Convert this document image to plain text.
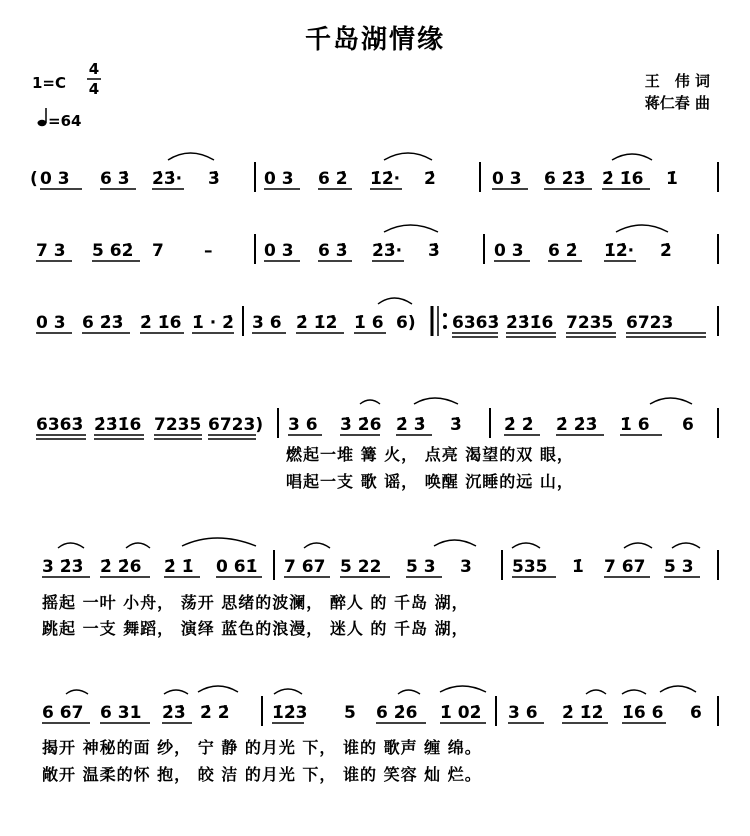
千岛湖情缘
1=C
4
4
=64
王　伟 词
蒋仁春 曲
( 0 3 6 3̇ 2̇3̇· 3̇	0 3 6 2̇ 1̇2̇· 2̇	0 3 6 2̇3̇ 2̇ 1̇6 1̇
7 3 5 62̇ 7 –	0 3 6 3̇ 2̇3̇· 3̇	0 3 6 2̇ 1̇2̇· 2̇
0 3 6 2̇3̇ 2̇ 1̇6 1̇ · 2̇ 3 6 2̇ 1̇2̇ 1̇ 6 6) 6363̇ 2̇3̇1̇6 7235 6723
6363̇ 2̇3̇1̇6 7235 6723) 3 6 3̇ 2̇6 2̇ 3̇ 3̇ 2̇ 2̇ 2̇ 2̇3̇ 1̇ 6 6
燃起一堆 篝 火， 点亮 渴望的双 眼，
唱起一支 歌 谣， 唤醒 沉睡的远 山，
3 2̇3̇ 2̇ 2̇6 2̇ 1̇ 0 61̇ 7 67 5 22 5 3 3 535 1̇ 7 67 5 3
摇起 一叶 小舟， 荡开 思绪的波澜， 醉人 的 千岛 湖，
跳起 一支 舞蹈， 演绎 蓝色的浪漫， 迷人 的 千岛 湖，
6 67 6 31 2̇3̇ 2̇ 2̇ 1̇2̇3 5 6 2̇6 1̇ 02̇ 3 6 2̇ 1̇2̇ 1̇6 6 6
揭开 神秘的面 纱， 宁 静 的月光 下， 谁的 歌声 缠 绵。
敞开 温柔的怀 抱， 皎 洁 的月光 下， 谁的 笑容 灿 烂。
